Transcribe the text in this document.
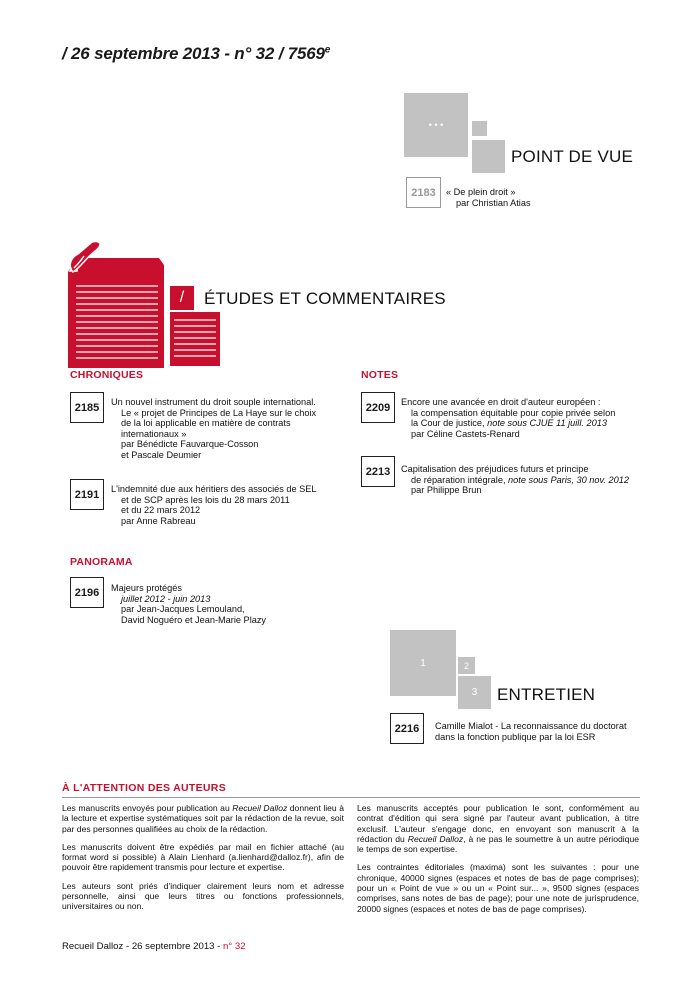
/ 26 septembre 2013 - n° 32 / 7569e
• • •
POINT DE VUE
2183	« De plein droit »
par Christian Atias
/	ÉTUDES ET COMMENTAIRES
CHRONIQUES
2185	Un nouvel instrument du droit souple international.
Le « projet de Principes de La Haye sur le choix
de la loi applicable en matière de contrats
internationaux »
par Bénédicte Fauvarque-Cosson
et Pascale Deumier
2191	L'indemnité due aux héritiers des associés de SEL
et de SCP après les lois du 28 mars 2011
et du 22 mars 2012
par Anne Rabreau
PANORAMA
2196	Majeurs protégés
juillet 2012 - juin 2013
par Jean-Jacques Lemouland,
David Noguéro et Jean-Marie Plazy
NOTES
2209	Encore une avancée en droit d'auteur européen :
la compensation équitable pour copie privée selon
la Cour de justice, note sous CJUE 11 juill. 2013
par Céline Castets-Renard
2213	Capitalisation des préjudices futurs et principe
de réparation intégrale, note sous Paris, 30 nov. 2012
par Philippe Brun
1	2
3	ENTRETIEN
2216	Camille Mialot - La reconnaissance du doctorat
dans la fonction publique par la loi ESR
À L'ATTENTION DES AUTEURS

Les manuscrits envoyés pour publication au Recueil Dalloz donnent lieu à la lecture et expertise systématiques soit par la rédaction de la revue, soit par des personnes qualifiées au choix de la rédaction.

Les manuscrits doivent être expédiés par mail en fichier attaché (au format word si possible) à Alain Lienhard (a.lienhard@dalloz.fr), afin de pouvoir être rapidement transmis pour lecture et expertise.

Les auteurs sont priés d'indiquer clairement leurs nom et adresse personnelle, ainsi que leurs titres ou fonctions professionnels, universitaires ou non.

Les manuscrits acceptés pour publication le sont, conformément au contrat d'édition qui sera signé par l'auteur avant publication, à titre exclusif. L'auteur s'engage donc, en envoyant son manuscrit à la rédaction du Recueil Dalloz, à ne pas le soumettre à un autre périodique le temps de son expertise.

Les contraintes éditoriales (maxima) sont les suivantes : pour une chronique, 40000 signes (espaces et notes de bas de page comprises); pour un « Point de vue » ou un « Point sur... », 9500 signes (espaces comprises, sans notes de bas de page); pour une note de jurisprudence, 20000 signes (espaces et notes de bas de page comprises).

Recueil Dalloz - 26 septembre 2013 - n° 32
